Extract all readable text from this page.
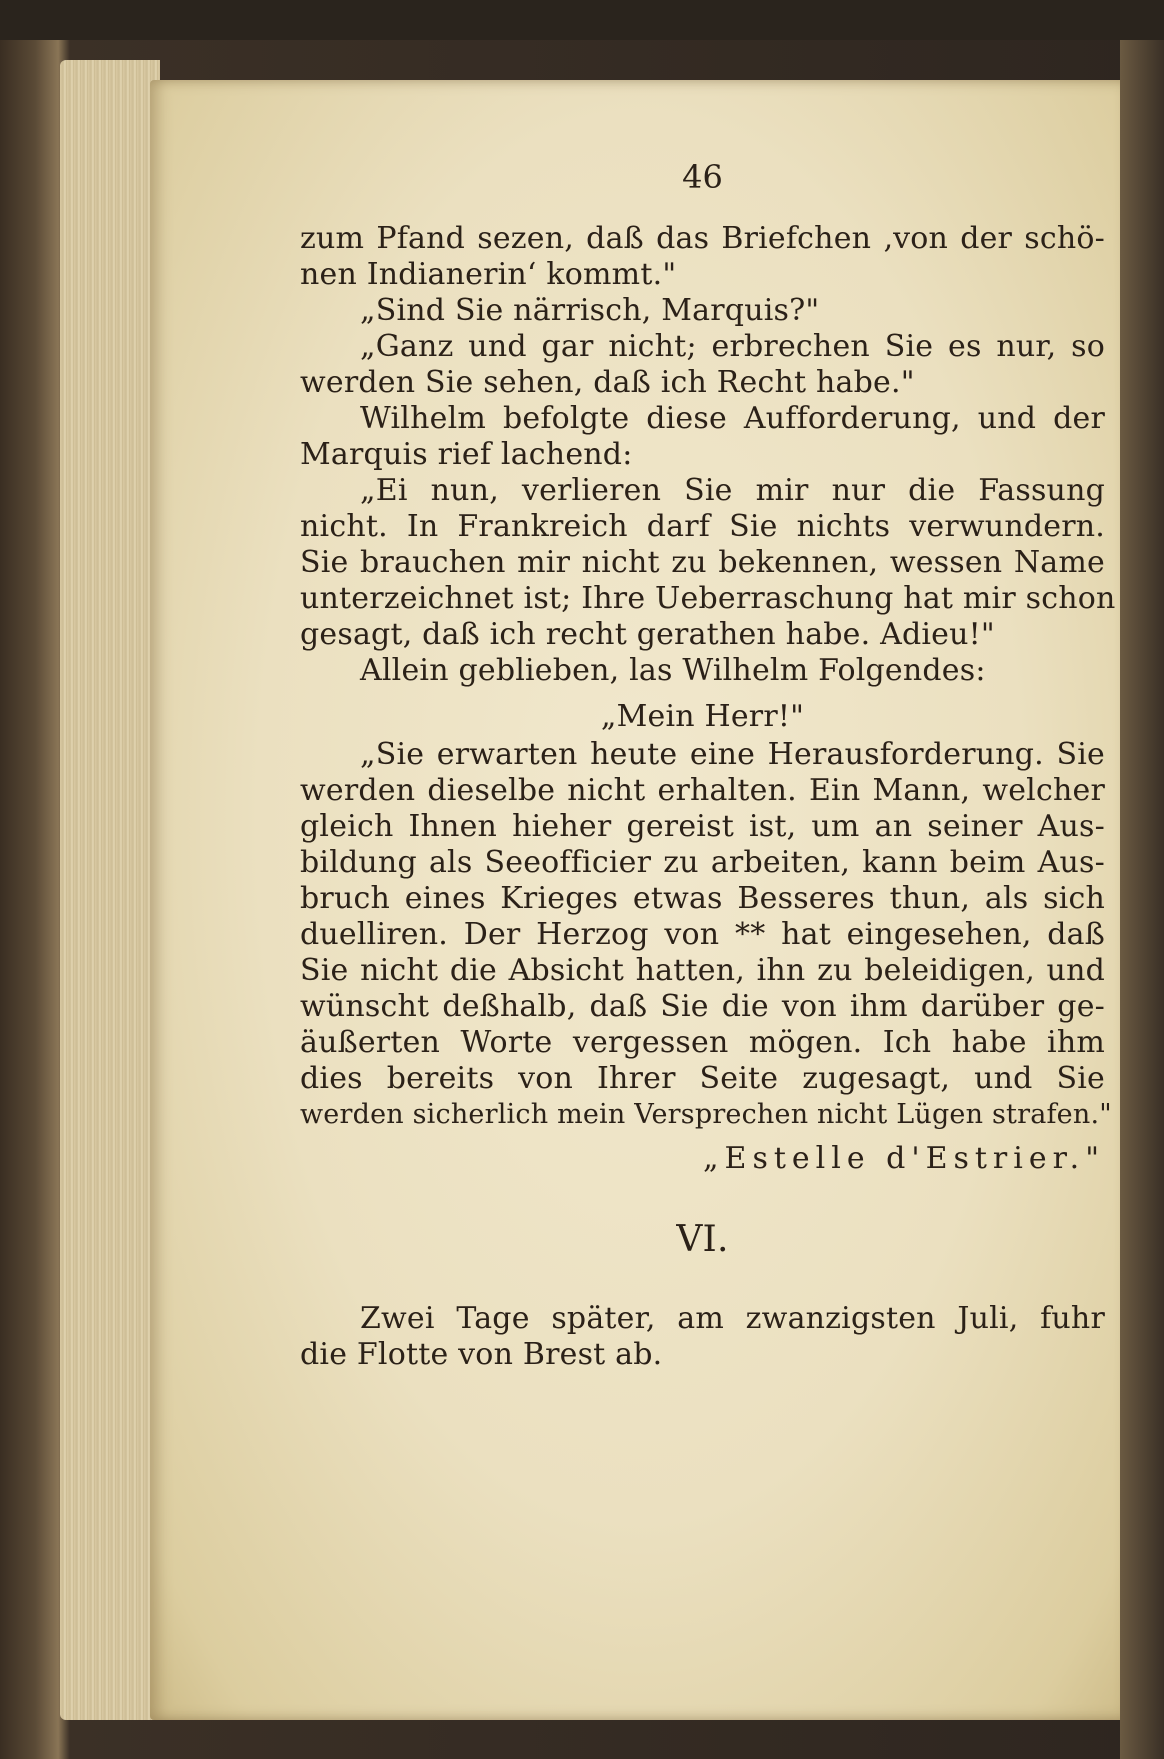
46
zum Pfand sezen, daß das Briefchen ‚von der schö-
nen Indianerin‘ kommt."
„Sind Sie närrisch, Marquis?"
„Ganz und gar nicht; erbrechen Sie es nur, so
werden Sie sehen, daß ich Recht habe."
Wilhelm befolgte diese Aufforderung, und der
Marquis rief lachend:
„Ei nun, verlieren Sie mir nur die Fassung
nicht. In Frankreich darf Sie nichts verwundern.
Sie brauchen mir nicht zu bekennen, wessen Name
unterzeichnet ist; Ihre Ueberraschung hat mir schon
gesagt, daß ich recht gerathen habe. Adieu!"
Allein geblieben, las Wilhelm Folgendes:
„Mein Herr!"
„Sie erwarten heute eine Herausforderung. Sie
werden dieselbe nicht erhalten. Ein Mann, welcher
gleich Ihnen hieher gereist ist, um an seiner Aus-
bildung als Seeofficier zu arbeiten, kann beim Aus-
bruch eines Krieges etwas Besseres thun, als sich
duelliren. Der Herzog von ** hat eingesehen, daß
Sie nicht die Absicht hatten, ihn zu beleidigen, und
wünscht deßhalb, daß Sie die von ihm darüber ge-
äußerten Worte vergessen mögen. Ich habe ihm
dies bereits von Ihrer Seite zugesagt, und Sie
werden sicherlich mein Versprechen nicht Lügen strafen."
„Estelle d'Estrier."
VI.
Zwei Tage später, am zwanzigsten Juli, fuhr
die Flotte von Brest ab.
